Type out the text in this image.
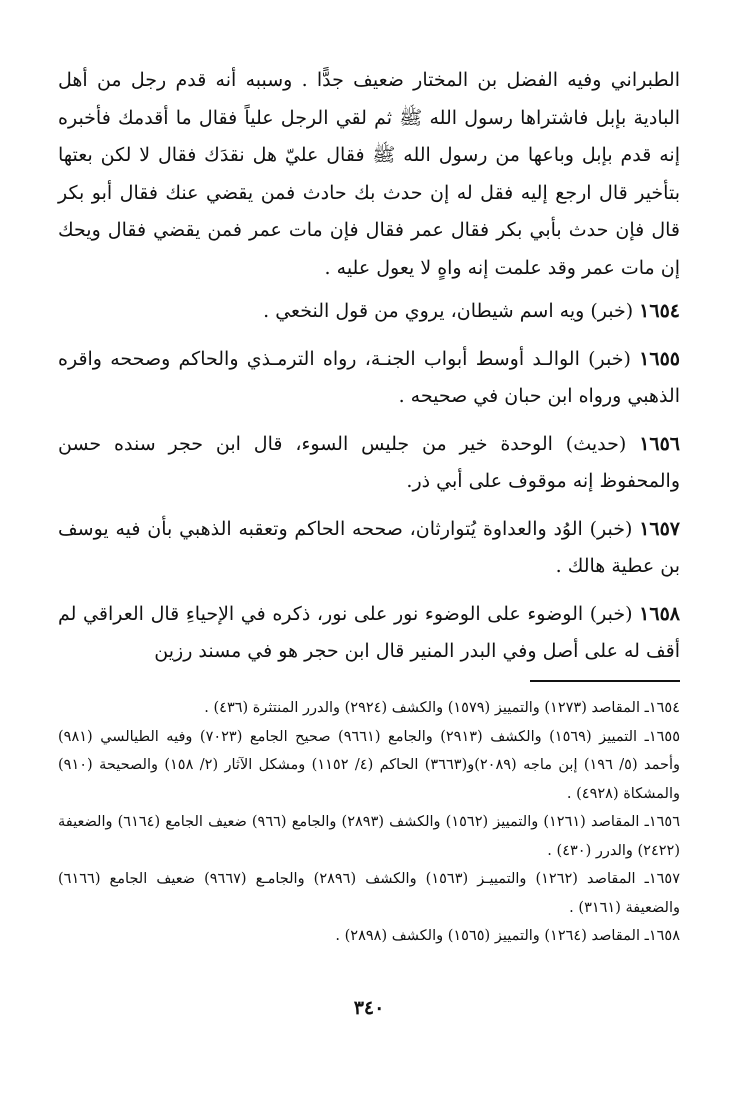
الطبراني وفيه الفضل بن المختار ضعيف جدًّا . وسببه أنه قدم رجل من أهل البادية بإبل فاشتراها رسول الله ﷺ ثم لقي الرجل علياً فقال ما أقدمك فأخبره إنه قدم بإبل وباعها من رسول الله ﷺ فقال عليّ هل نقدَك فقال لا لكن بعتها بتأخير قال ارجع إليه فقل له إن حدث بك حادث فمن يقضي عنك فقال أبو بكر قال فإن حدث بأبي بكر فقال عمر فقال فإن مات عمر فمن يقضي فقال ويحك إن مات عمر وقد علمت إنه واهٍ لا يعول عليه .

١٦٥٤ (خبر) ويه اسم شيطان، يروي من قول النخعي .

١٦٥٥ (خبر) الوالـد أوسط أبواب الجنـة، رواه الترمـذي والحاكم وصححه واقره الذهبي ورواه ابن حبان في صحيحه .

١٦٥٦ (حديث) الوحدة خير من جليس السوء، قال ابن حجر سنده حسن والمحفوظ إنه موقوف على أبي ذر.

١٦٥٧ (خبر) الوُد والعداوة يُتوارثان، صححه الحاكم وتعقبه الذهبي بأن فيه يوسف بن عطية هالك .

١٦٥٨ (خبر) الوضوء على الوضوء نور على نور، ذكره في الإحياءِ قال العراقي لم أقف له على أصل وفي البدر المنير قال ابن حجر هو في مسند رزين

١٦٥٤ـ المقاصد (١٢٧٣) والتمييز (١٥٧٩) والكشف (٢٩٢٤) والدرر المنتثرة (٤٣٦) .

١٦٥٥ـ التمييز (١٥٦٩) والكشف (٢٩١٣) والجامع (٩٦٦١) صحيح الجامع (٧٠٢٣) وفيه الطيالسي (٩٨١) وأحمد (٥/ ١٩٦) إبن ماجه (٢٠٨٩)و(٣٦٦٣) الحاكم (٤/ ١١٥٢) ومشكل الآثار (٢/ ١٥٨) والصحيحة (٩١٠) والمشكاة (٤٩٢٨) .

١٦٥٦ـ المقاصد (١٢٦١) والتمييز (١٥٦٢) والكشف (٢٨٩٣) والجامع (٩٦٦) ضعيف الجامع (٦١٦٤) والضعيفة (٢٤٢٢) والدرر (٤٣٠) .

١٦٥٧ـ المقاصد (١٢٦٢) والتمييـز (١٥٦٣) والكشف (٢٨٩٦) والجامـع (٩٦٦٧) ضعيف الجامع (٦١٦٦) والضعيفة (٣١٦١) .

١٦٥٨ـ المقاصد (١٢٦٤) والتمييز (١٥٦٥) والكشف (٢٨٩٨) .

٣٤٠
